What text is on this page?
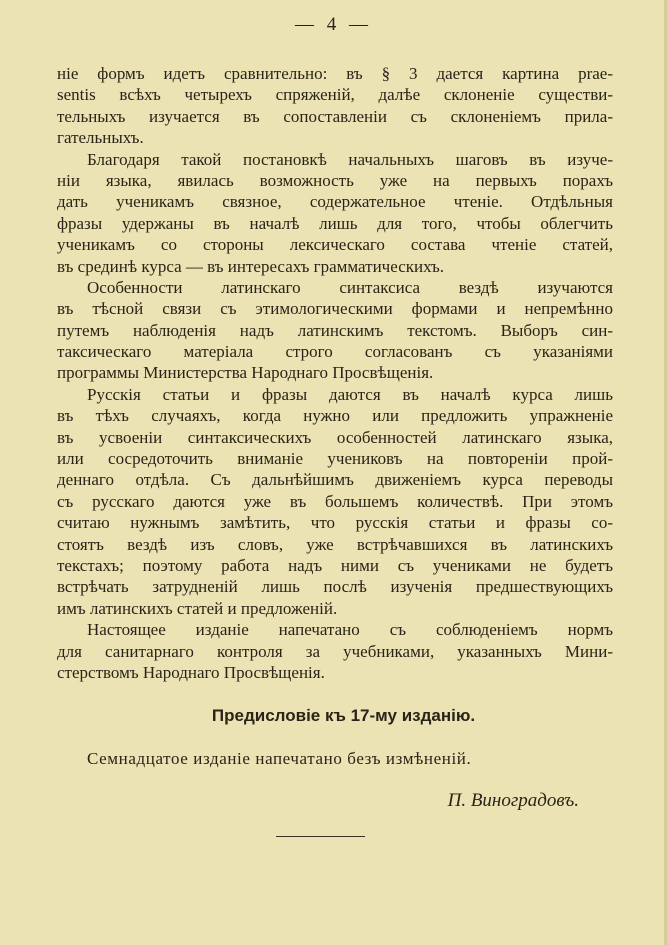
— 4 —
ніе формъ идетъ сравнительно: въ § 3 дается картина prae-
sentis всѣхъ четырехъ спряженій, далѣе склоненіе существи-
тельныхъ изучается въ сопоставленіи съ склоненіемъ прила-
гательныхъ.
Благодаря такой постановкѣ начальныхъ шаговъ въ изуче-
ніи языка, явилась возможность уже на первыхъ порахъ
дать ученикамъ связное, содержательное чтеніе. Отдѣльныя
фразы удержаны въ началѣ лишь для того, чтобы облегчить
ученикамъ со стороны лексическаго состава чтеніе статей,
въ срединѣ курса — въ интересахъ грамматическихъ.
Особенности латинскаго синтаксиса вездѣ изучаются
въ тѣсной связи съ этимологическими формами и непремѣнно
путемъ наблюденія надъ латинскимъ текстомъ. Выборъ син-
таксическаго матеріала строго согласованъ съ указаніями
программы Министерства Народнаго Просвѣщенія.
Русскія статьи и фразы даются въ началѣ курса лишь
въ тѣхъ случаяхъ, когда нужно или предложить упражненіе
въ усвоеніи синтаксическихъ особенностей латинскаго языка,
или сосредоточить вниманіе учениковъ на повтореніи прой-
деннаго отдѣла. Съ дальнѣйшимъ движеніемъ курса переводы
съ русскаго даются уже въ большемъ количествѣ. При этомъ
считаю нужнымъ замѣтить, что русскія статьи и фразы со-
стоятъ вездѣ изъ словъ, уже встрѣчавшихся въ латинскихъ
текстахъ; поэтому работа надъ ними съ учениками не будетъ
встрѣчать затрудненій лишь послѣ изученія предшествующихъ
имъ латинскихъ статей и предложеній.
Настоящее изданіе напечатано съ соблюденіемъ нормъ
для санитарнаго контроля за учебниками, указанныхъ Мини-
стерствомъ Народнаго Просвѣщенія.
Предисловіе къ 17-му изданію.
Семнадцатое изданіе напечатано безъ измѣненій.
П. Виноградовъ.
